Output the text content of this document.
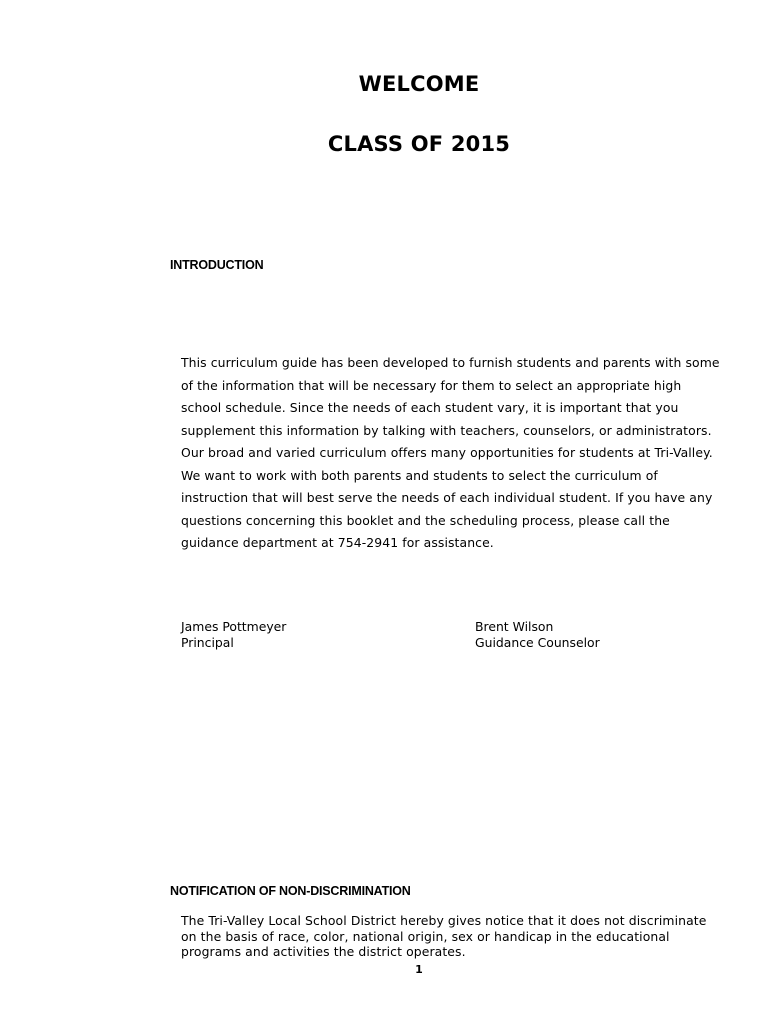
WELCOME
CLASS OF 2015
INTRODUCTION
This curriculum guide has been developed to furnish students and parents with some
of the information that will be necessary for them to select an appropriate high
school schedule. Since the needs of each student vary, it is important that you
supplement this information by talking with teachers, counselors, or administrators.
Our broad and varied curriculum offers many opportunities for students at Tri-Valley.
We want to work with both parents and students to select the curriculum of
instruction that will best serve the needs of each individual student. If you have any
questions concerning this booklet and the scheduling process, please call the
guidance department at 754-2941 for assistance.
James Pottmeyer
Principal
Brent Wilson
Guidance Counselor
NOTIFICATION OF NON-DISCRIMINATION
The Tri-Valley Local School District hereby gives notice that it does not discriminate
on the basis of race, color, national origin, sex or handicap in the educational
programs and activities the district operates.
1
